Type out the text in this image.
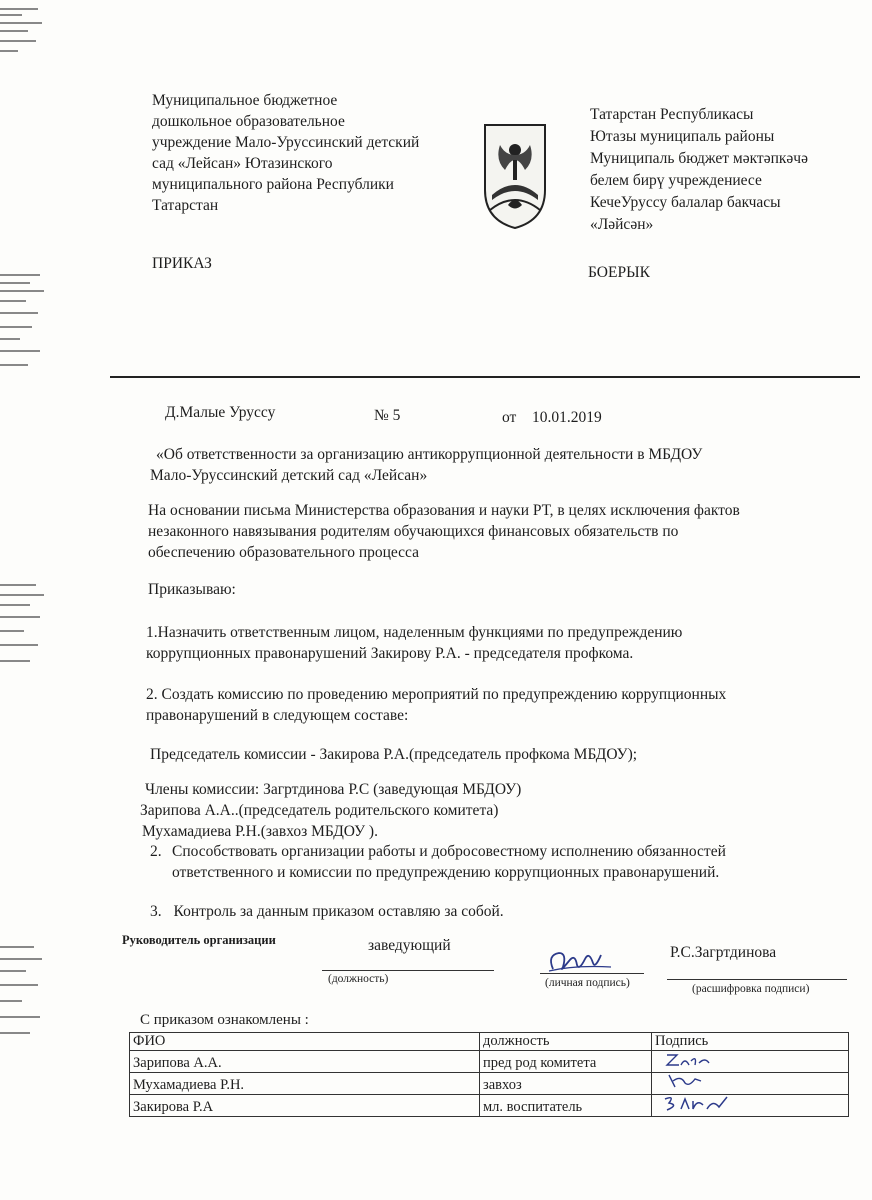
Муниципальное бюджетное
дошкольное образовательное
учреждение Мало-Уруссинский детский
сад «Лейсан» Ютазинского
муниципального района Республики
Татарстан
Татарстан Республикасы
Ютазы муниципаль районы
Муниципаль бюджет мәктәпкәчә
белем бирү учреждениесе
КечеУруссу балалар бакчасы
«Ләйсән»
ПРИКАЗ
БОЕРЫК
Д.Малые Уруссу	№ 5	от 10.01.2019
«Об ответственности за организацию антикоррупционной деятельности в МБДОУ
Мало-Уруссинский детский сад «Лейсан»
На основании письма Министерства образования и науки РТ, в целях исключения фактов
незаконного навязывания родителям обучающихся финансовых обязательств по
обеспечению образовательного процесса
Приказываю:
1.Назначить ответственным лицом, наделенным функциями по предупреждению
коррупционных правонарушений Закирову Р.А. - председателя профкома.
2. Создать комиссию по проведению мероприятий по предупреждению коррупционных
правонарушений в следующем составе:
Председатель комиссии - Закирова Р.А.(председатель профкома МБДОУ);
Члены комиссии: Загртдинова Р.С (заведующая МБДОУ)
Зарипова А.А..(председатель родительского комитета)
Мухамадиева Р.Н.(завхоз МБДОУ ).
2. Способствовать организации работы и добросовестному исполнению обязанностей
ответственного и комиссии по предупреждению коррупционных правонарушений.
3. Контроль за данным приказом оставляю за собой.
Руководитель организации	заведующий	Р.С.Загртдинова
(должность)	(личная подпись)	(расшифровка подписи)
С приказом ознакомлены :
ФИО	должность	Подпись
Зарипова А.А.	пред род комитета	
Мухамадиева Р.Н.	завхоз	
Закирова Р.А	мл. воспитатель	
